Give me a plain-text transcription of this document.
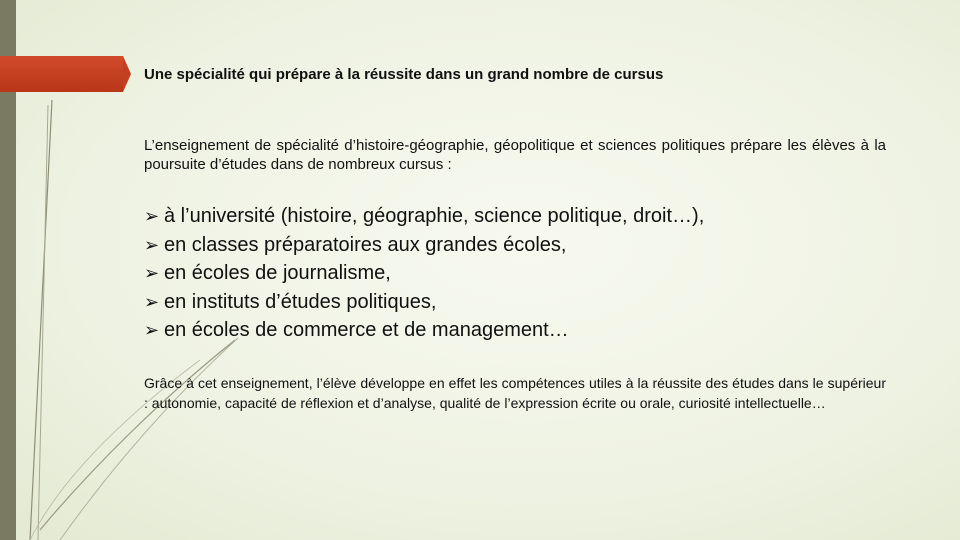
Une spécialité qui prépare à la réussite dans un grand nombre de cursus

L’enseignement de spécialité d’histoire-géographie, géopolitique et sciences politiques prépare les élèves à la poursuite d’études dans de nombreux cursus :

➢ à l’université (histoire, géographie, science politique, droit…),
➢ en classes préparatoires aux grandes écoles,
➢ en écoles de journalisme,
➢ en instituts d’études politiques,
➢ en écoles de commerce et de management…

Grâce à cet enseignement, l’élève développe en effet les compétences utiles à la réussite des études dans le supérieur : autonomie, capacité de réflexion et d’analyse, qualité de l’expression écrite ou orale, curiosité intellectuelle…
